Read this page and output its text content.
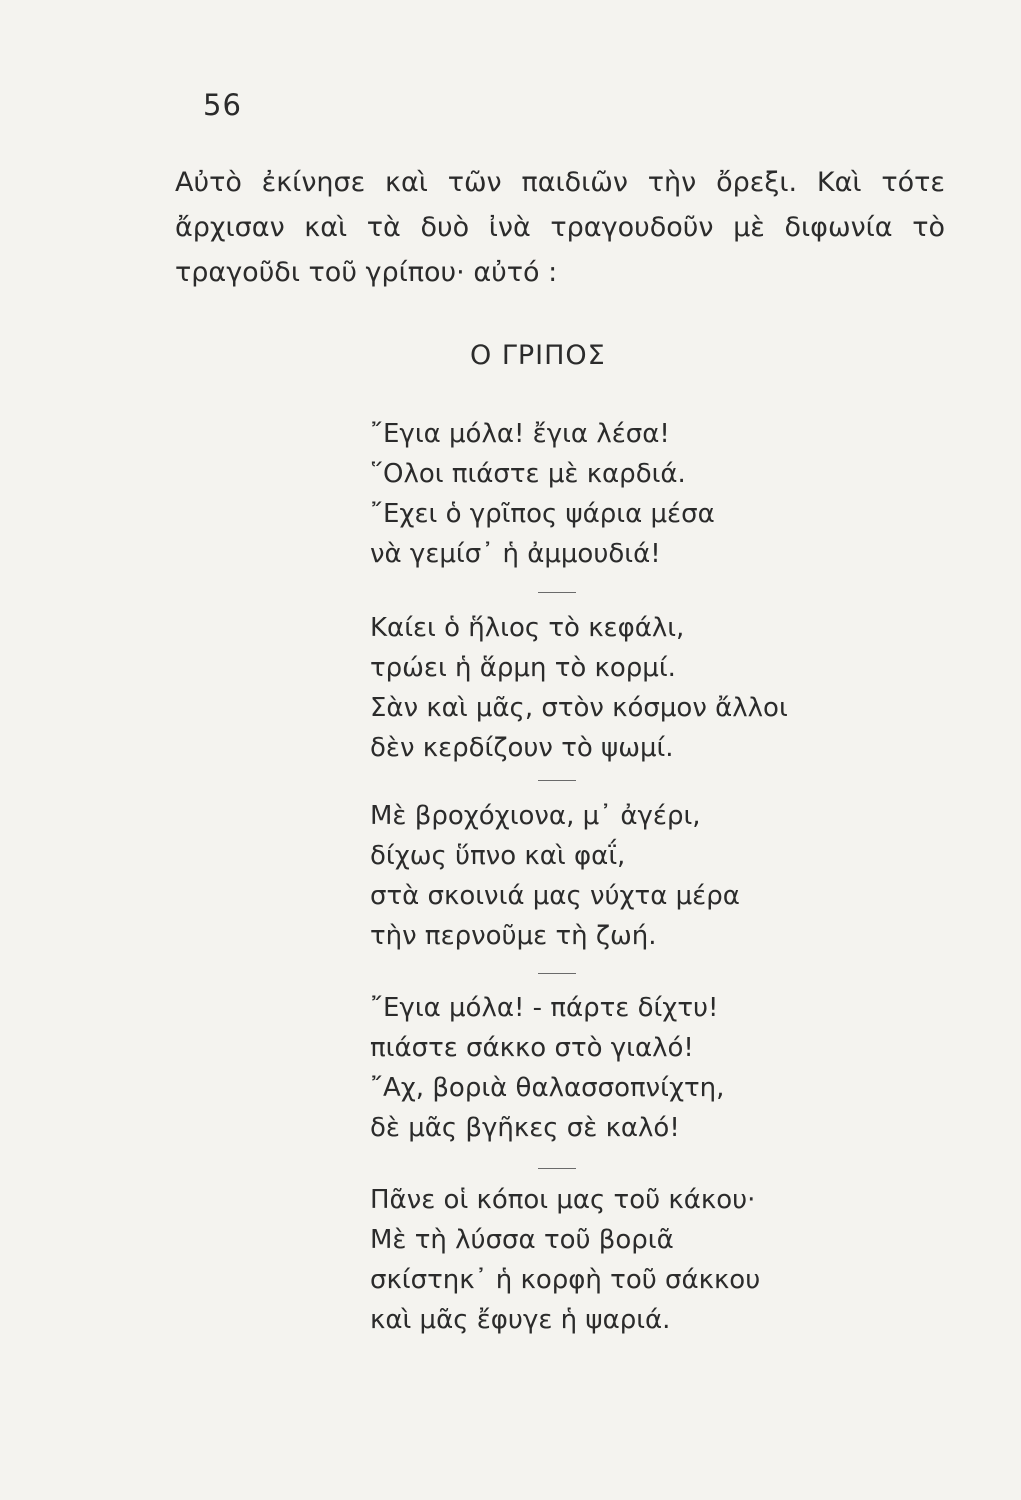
56
Αὐτὸ ἐκίνησε καὶ τῶν παιδιῶν τὴν ὄρεξι. Καὶ τότε
ἄρχισαν καὶ τὰ δυὸ ἰνὰ τραγουδοῦν μὲ διφωνία τὸ
τραγοῦδι τοῦ γρίπου· αὐτό :
Ο ΓΡΙΠΟΣ
῎Εγια μόλα! ἔγια λέσα!
῞Ολοι πιάστε μὲ καρδιά.
῎Εχει ὁ γρῖπος ψάρια μέσα
νὰ γεμίσ᾽ ἡ ἀμμουδιά!
Καίει ὁ ἥλιος τὸ κεφάλι,
τρώει ἡ ἅρμη τὸ κορμί.
Σὰν καὶ μᾶς, στὸν κόσμον ἄλλοι
δὲν κερδίζουν τὸ ψωμί.
Μὲ βροχόχιονα, μ᾽ ἀγέρι,
δίχως ὕπνο καὶ φαΐ,
στὰ σκοινιά μας νύχτα μέρα
τὴν περνοῦμε τὴ ζωή.
῎Εγια μόλα! - πάρτε δίχτυ!
πιάστε σάκκο στὸ γιαλό!
῎Αχ, βοριὰ θαλασσοπνίχτη,
δὲ μᾶς βγῆκες σὲ καλό!
Πᾶνε οἱ κόποι μας τοῦ κάκου·
Μὲ τὴ λύσσα τοῦ βοριᾶ
σκίστηκ᾽ ἡ κορφὴ τοῦ σάκκου
καὶ μᾶς ἔφυγε ἡ ψαριά.
